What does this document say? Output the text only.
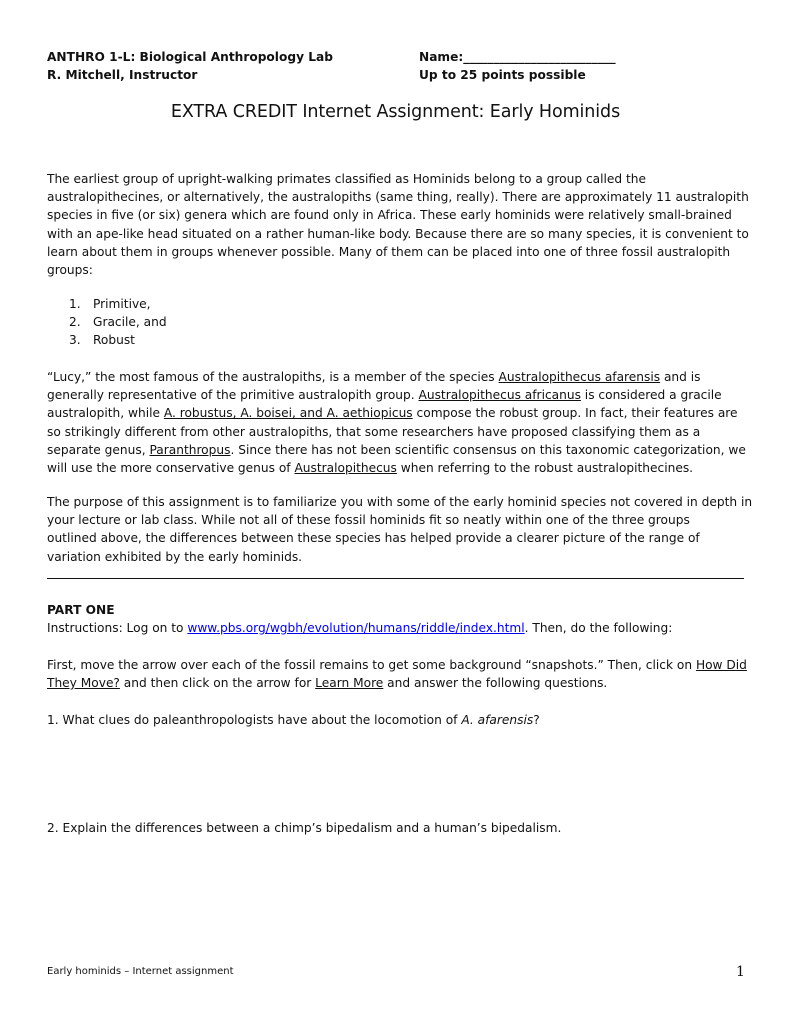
ANTHRO 1-L: Biological Anthropology Lab
R. Mitchell, Instructor
Name:_________________________
Up to 25 points possible
EXTRA CREDIT Internet Assignment: Early Hominids
The earliest group of upright-walking primates classified as Hominids belong to a group called the
australopithecines, or alternatively, the australopiths (same thing, really). There are approximately 11 australopith
species in five (or six) genera which are found only in Africa. These early hominids were relatively small-brained
with an ape-like head situated on a rather human-like body. Because there are so many species, it is convenient to
learn about them in groups whenever possible. Many of them can be placed into one of three fossil australopith
groups:
1. Primitive,
2. Gracile, and
3. Robust
“Lucy,” the most famous of the australopiths, is a member of the species Australopithecus afarensis and is
generally representative of the primitive australopith group. Australopithecus africanus is considered a gracile
australopith, while A. robustus, A. boisei, and A. aethiopicus compose the robust group. In fact, their features are
so strikingly different from other australopiths, that some researchers have proposed classifying them as a
separate genus, Paranthropus. Since there has not been scientific consensus on this taxonomic categorization, we
will use the more conservative genus of Australopithecus when referring to the robust australopithecines.
The purpose of this assignment is to familiarize you with some of the early hominid species not covered in depth in
your lecture or lab class. While not all of these fossil hominids fit so neatly within one of the three groups
outlined above, the differences between these species has helped provide a clearer picture of the range of
variation exhibited by the early hominids.
PART ONE
Instructions: Log on to www.pbs.org/wgbh/evolution/humans/riddle/index.html. Then, do the following:
First, move the arrow over each of the fossil remains to get some background “snapshots.” Then, click on How Did
They Move? and then click on the arrow for Learn More and answer the following questions.
1. What clues do paleanthropologists have about the locomotion of A. afarensis?
2. Explain the differences between a chimp’s bipedalism and a human’s bipedalism.
Early hominids – Internet assignment	1
